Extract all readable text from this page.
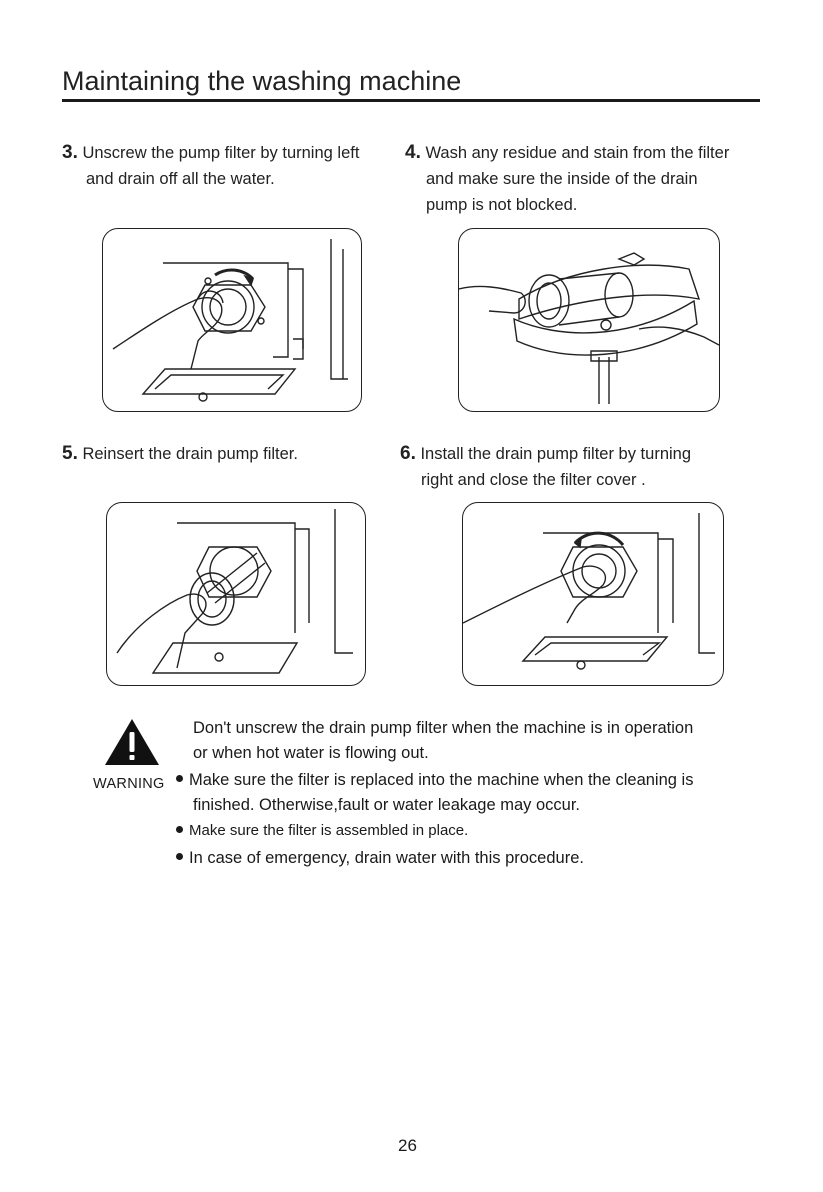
Maintaining the washing machine
3. Unscrew the pump filter by turning left
and drain off all the water.
4. Wash any residue and stain from the filter
and make sure the inside of the drain
pump is not blocked.
5. Reinsert the drain pump filter.	6. Install the drain pump filter by turning
right and close the filter cover .
WARNING
Don't unscrew the drain pump filter when the machine is in operation
or when hot water is flowing out.
Make sure the filter is replaced into the machine when the cleaning is
finished. Otherwise,fault or water leakage may occur.
Make sure the filter is assembled in place.
In case of emergency, drain water with this procedure.
26
